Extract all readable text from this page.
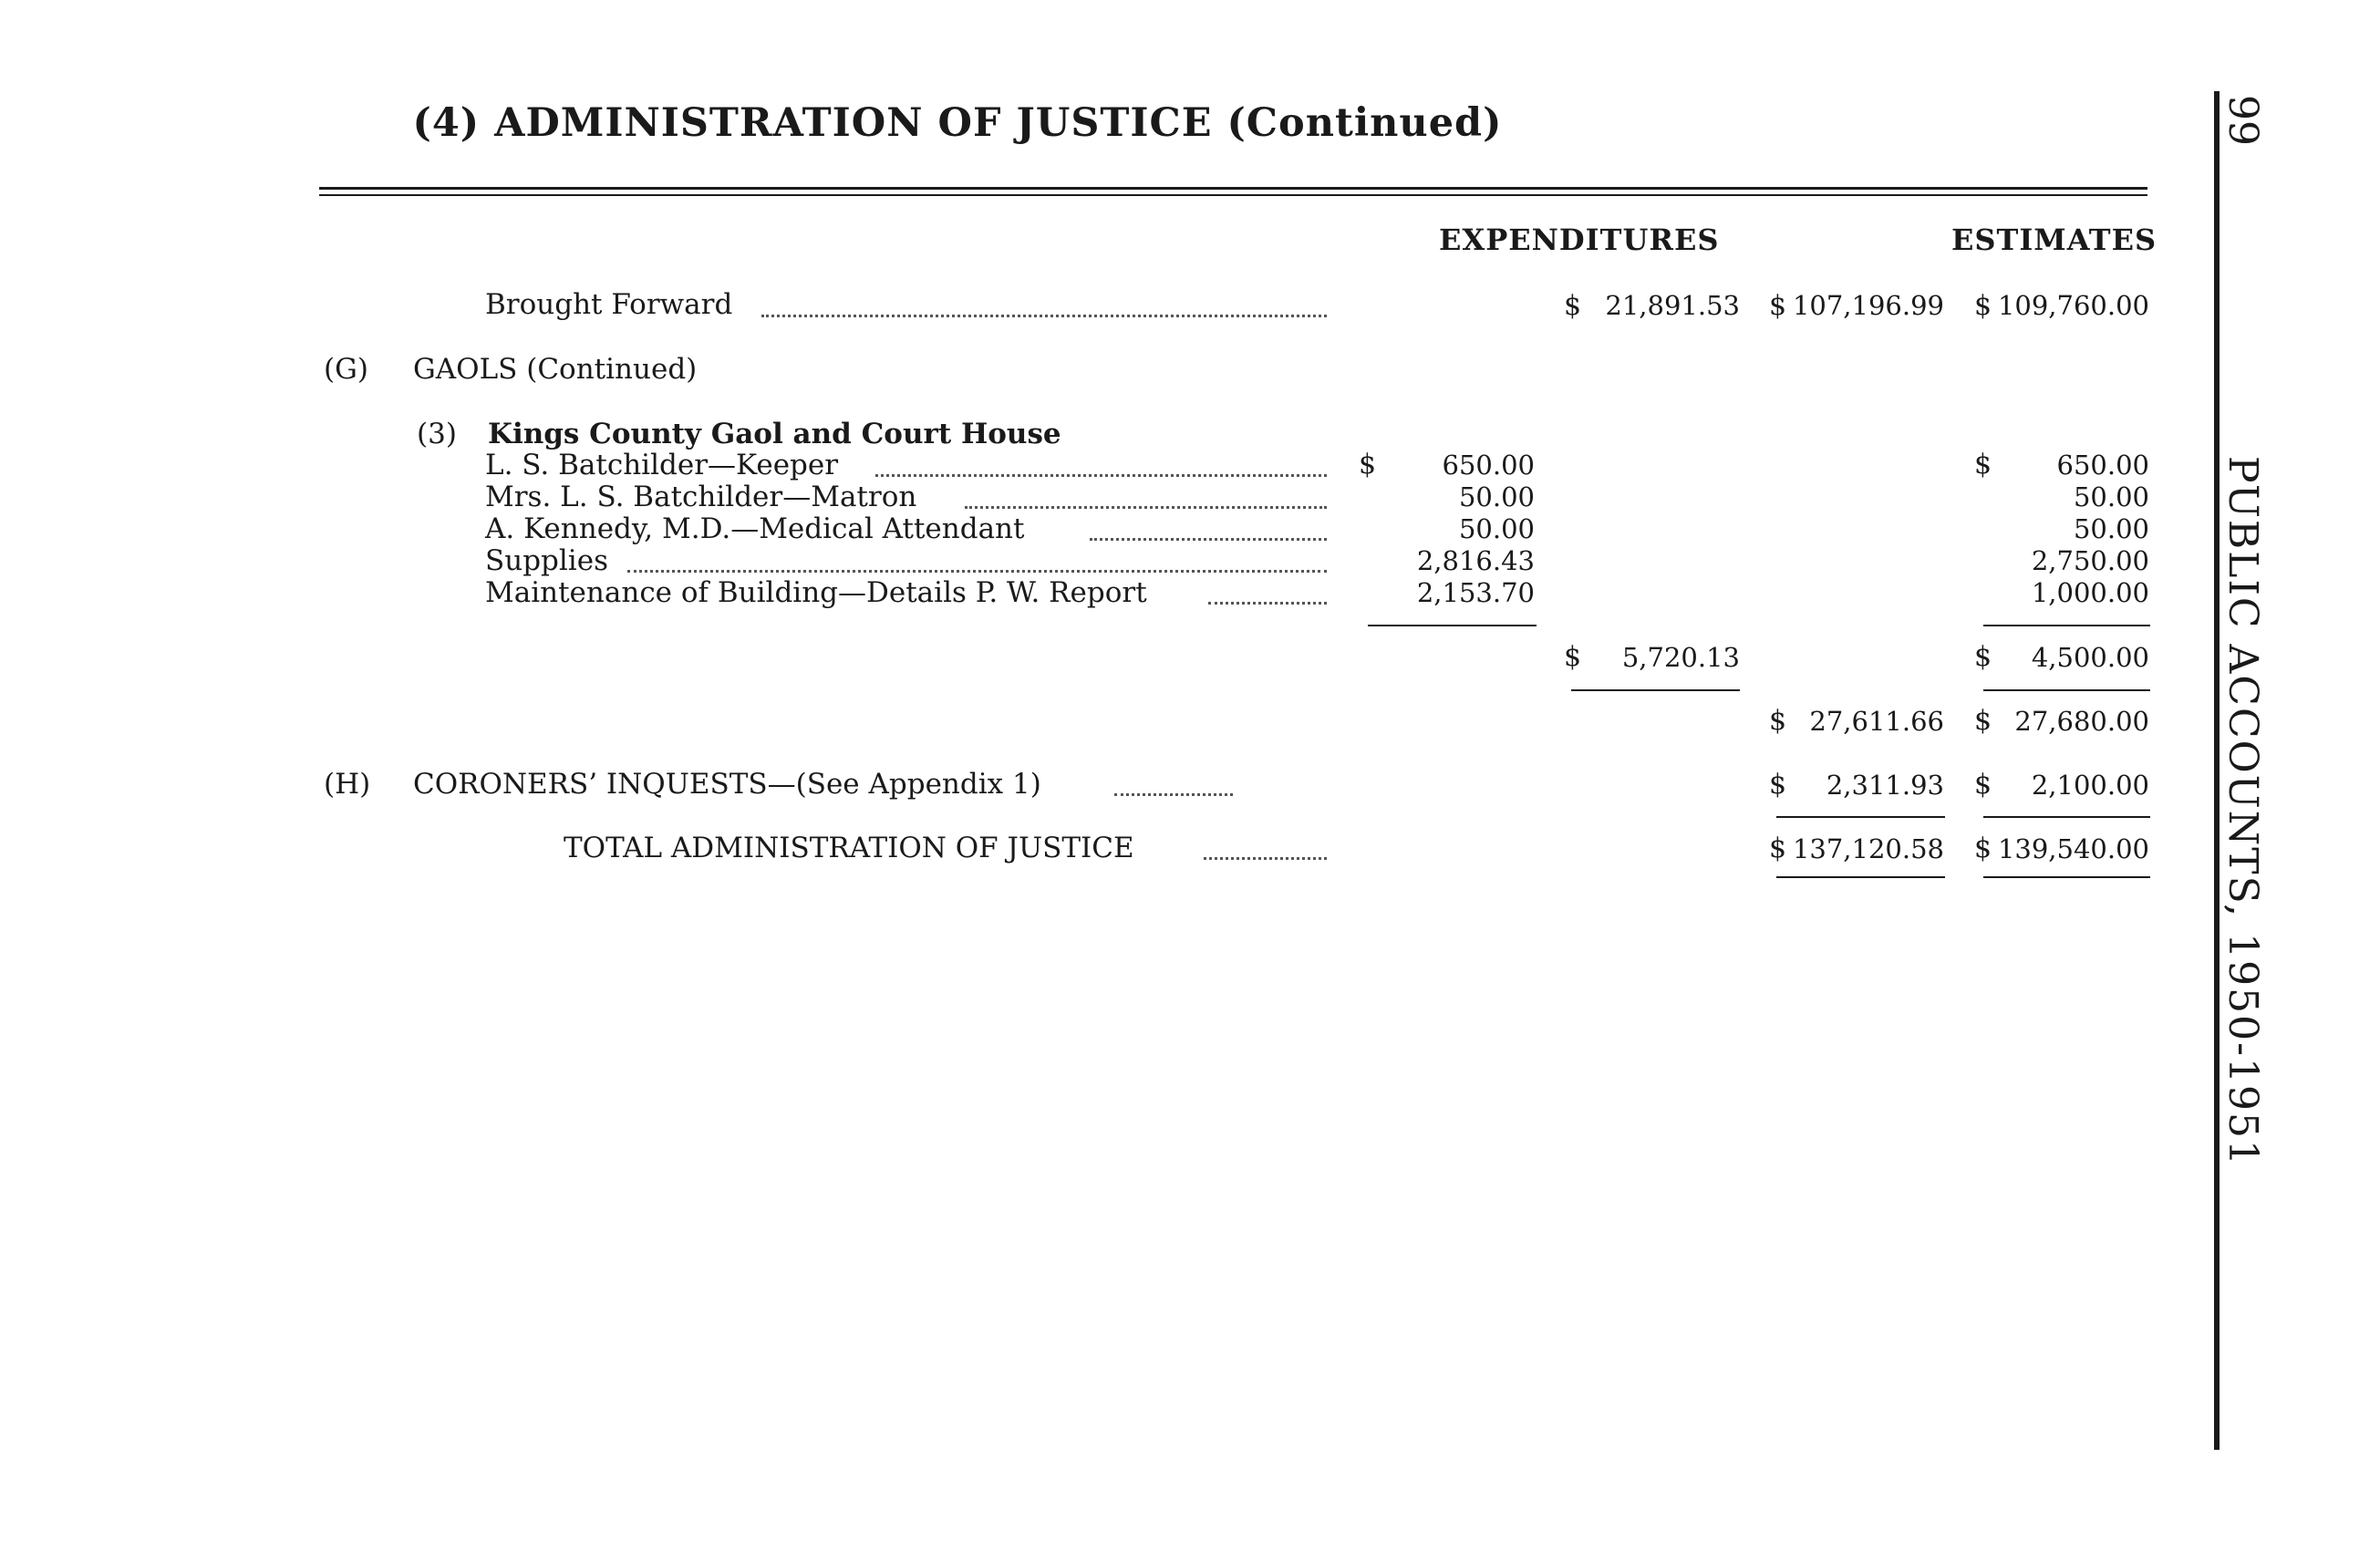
(4) ADMINISTRATION OF JUSTICE (Continued)
EXPENDITURES	ESTIMATES
Brought Forward	$ 21,891.53 $ 107,196.99 $ 109,760.00
(G) GAOLS (Continued)
(3) Kings County Gaol and Court House
L. S. Batchilder—Keeper	$ 650.00	$ 650.00
Mrs. L. S. Batchilder—Matron	50.00	50.00
A. Kennedy, M.D.—Medical Attendant	50.00	50.00
Supplies	2,816.43	2,750.00
Maintenance of Building—Details P. W. Report	2,153.70	1,000.00
$ 5,720.13	$ 4,500.00
$ 27,611.66 $ 27,680.00
(H) CORONERS’ INQUESTS—(See Appendix 1)	$ 2,311.93 $ 2,100.00
TOTAL ADMINISTRATION OF JUSTICE	$ 137,120.58 $ 139,540.00
99
PUBLIC ACCOUNTS, 1950-1951
